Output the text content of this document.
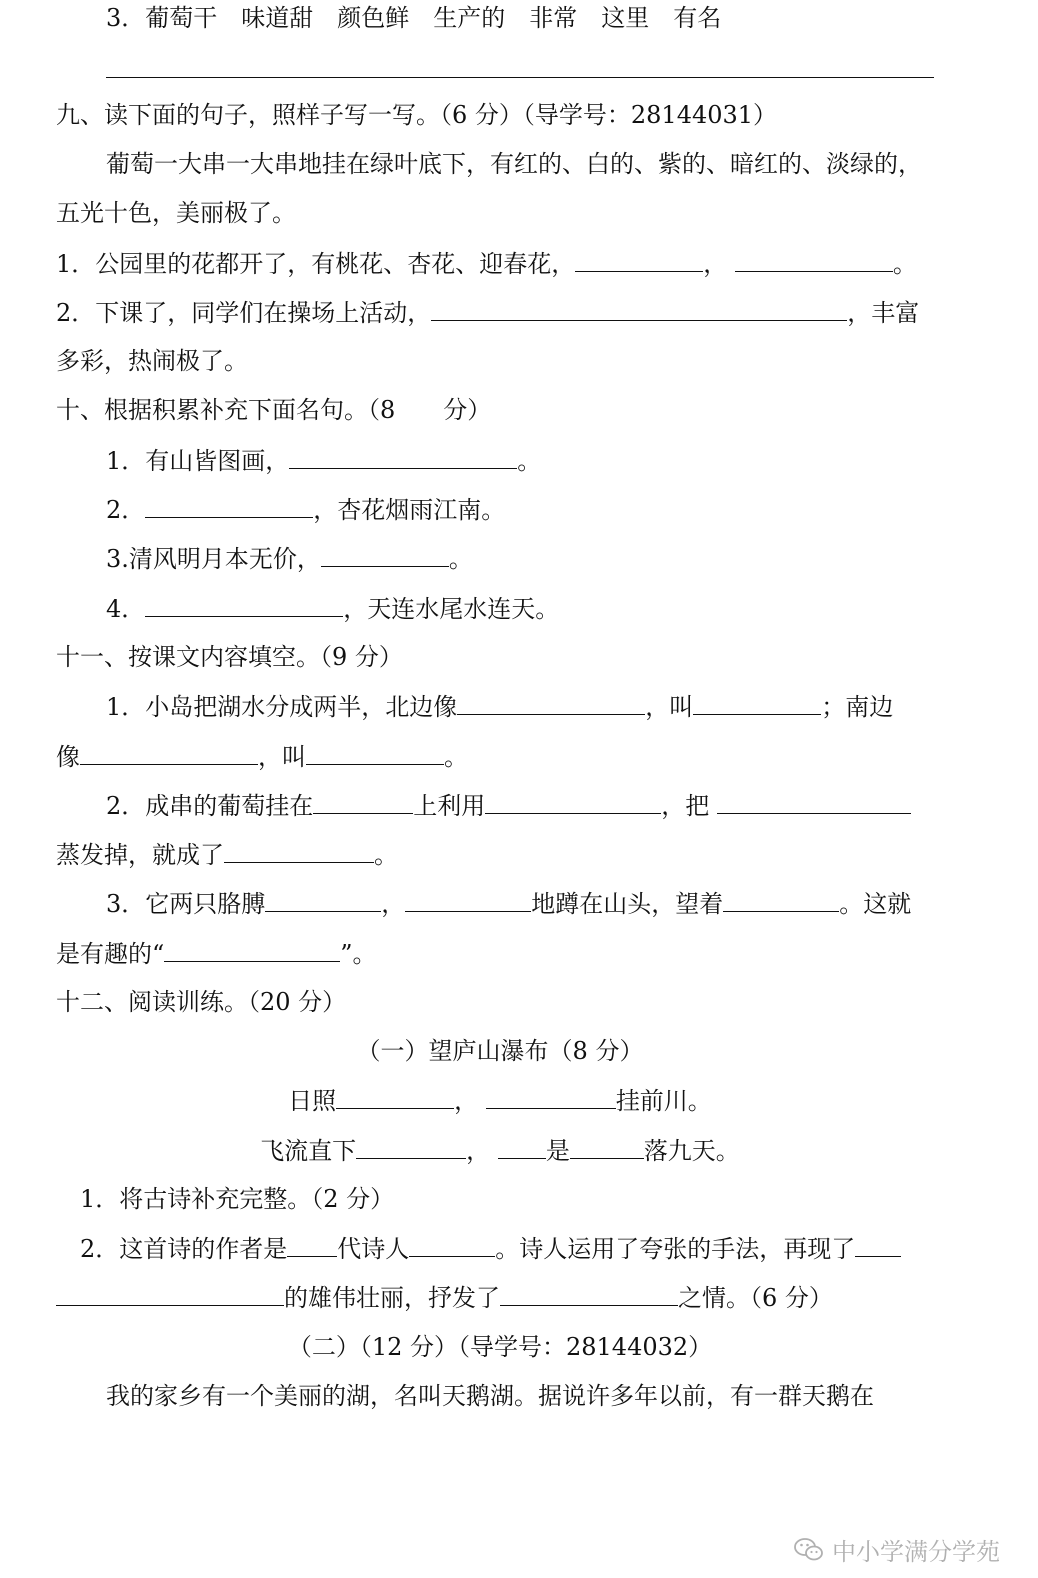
3．葡萄干　味道甜　颜色鲜　生产的　非常　这里　有名
九、读下面的句子，照样子写一写。（6 分）（导学号：28144031）
葡萄一大串一大串地挂在绿叶底下，有红的、白的、紫的、暗红的、淡绿的，
五光十色，美丽极了。
1．公园里的花都开了，有桃花、杏花、迎春花，	，	。
2．下课了，同学们在操场上活动，	，丰富
多彩，热闹极了。
十、根据积累补充下面名句。（8　　分）
1．有山皆图画，	。
2．	，杏花烟雨江南。
3.清风明月本无价，	。
4．	，天连水尾水连天。
十一、按课文内容填空。（9 分）
1．小岛把湖水分成两半，北边像	，叫	；南边
像	，叫	。
2．成串的葡萄挂在	上利用	，把
蒸发掉，就成了	。
3．它两只胳膊	，	地蹲在山头，望着	。这就
是有趣的“	”。
十二、阅读训练。（20 分）
（一）望庐山瀑布（8 分）
日照	，	挂前川。
飞流直下	， 是	落九天。
1．将古诗补充完整。（2 分）
2．这首诗的作者是 代诗人	。诗人运用了夸张的手法，再现了
的雄伟壮丽，抒发了	之情。（6 分）
（二）（12 分）（导学号：28144032）
我的家乡有一个美丽的湖，名叫天鹅湖。据说许多年以前，有一群天鹅在
中小学满分学苑
